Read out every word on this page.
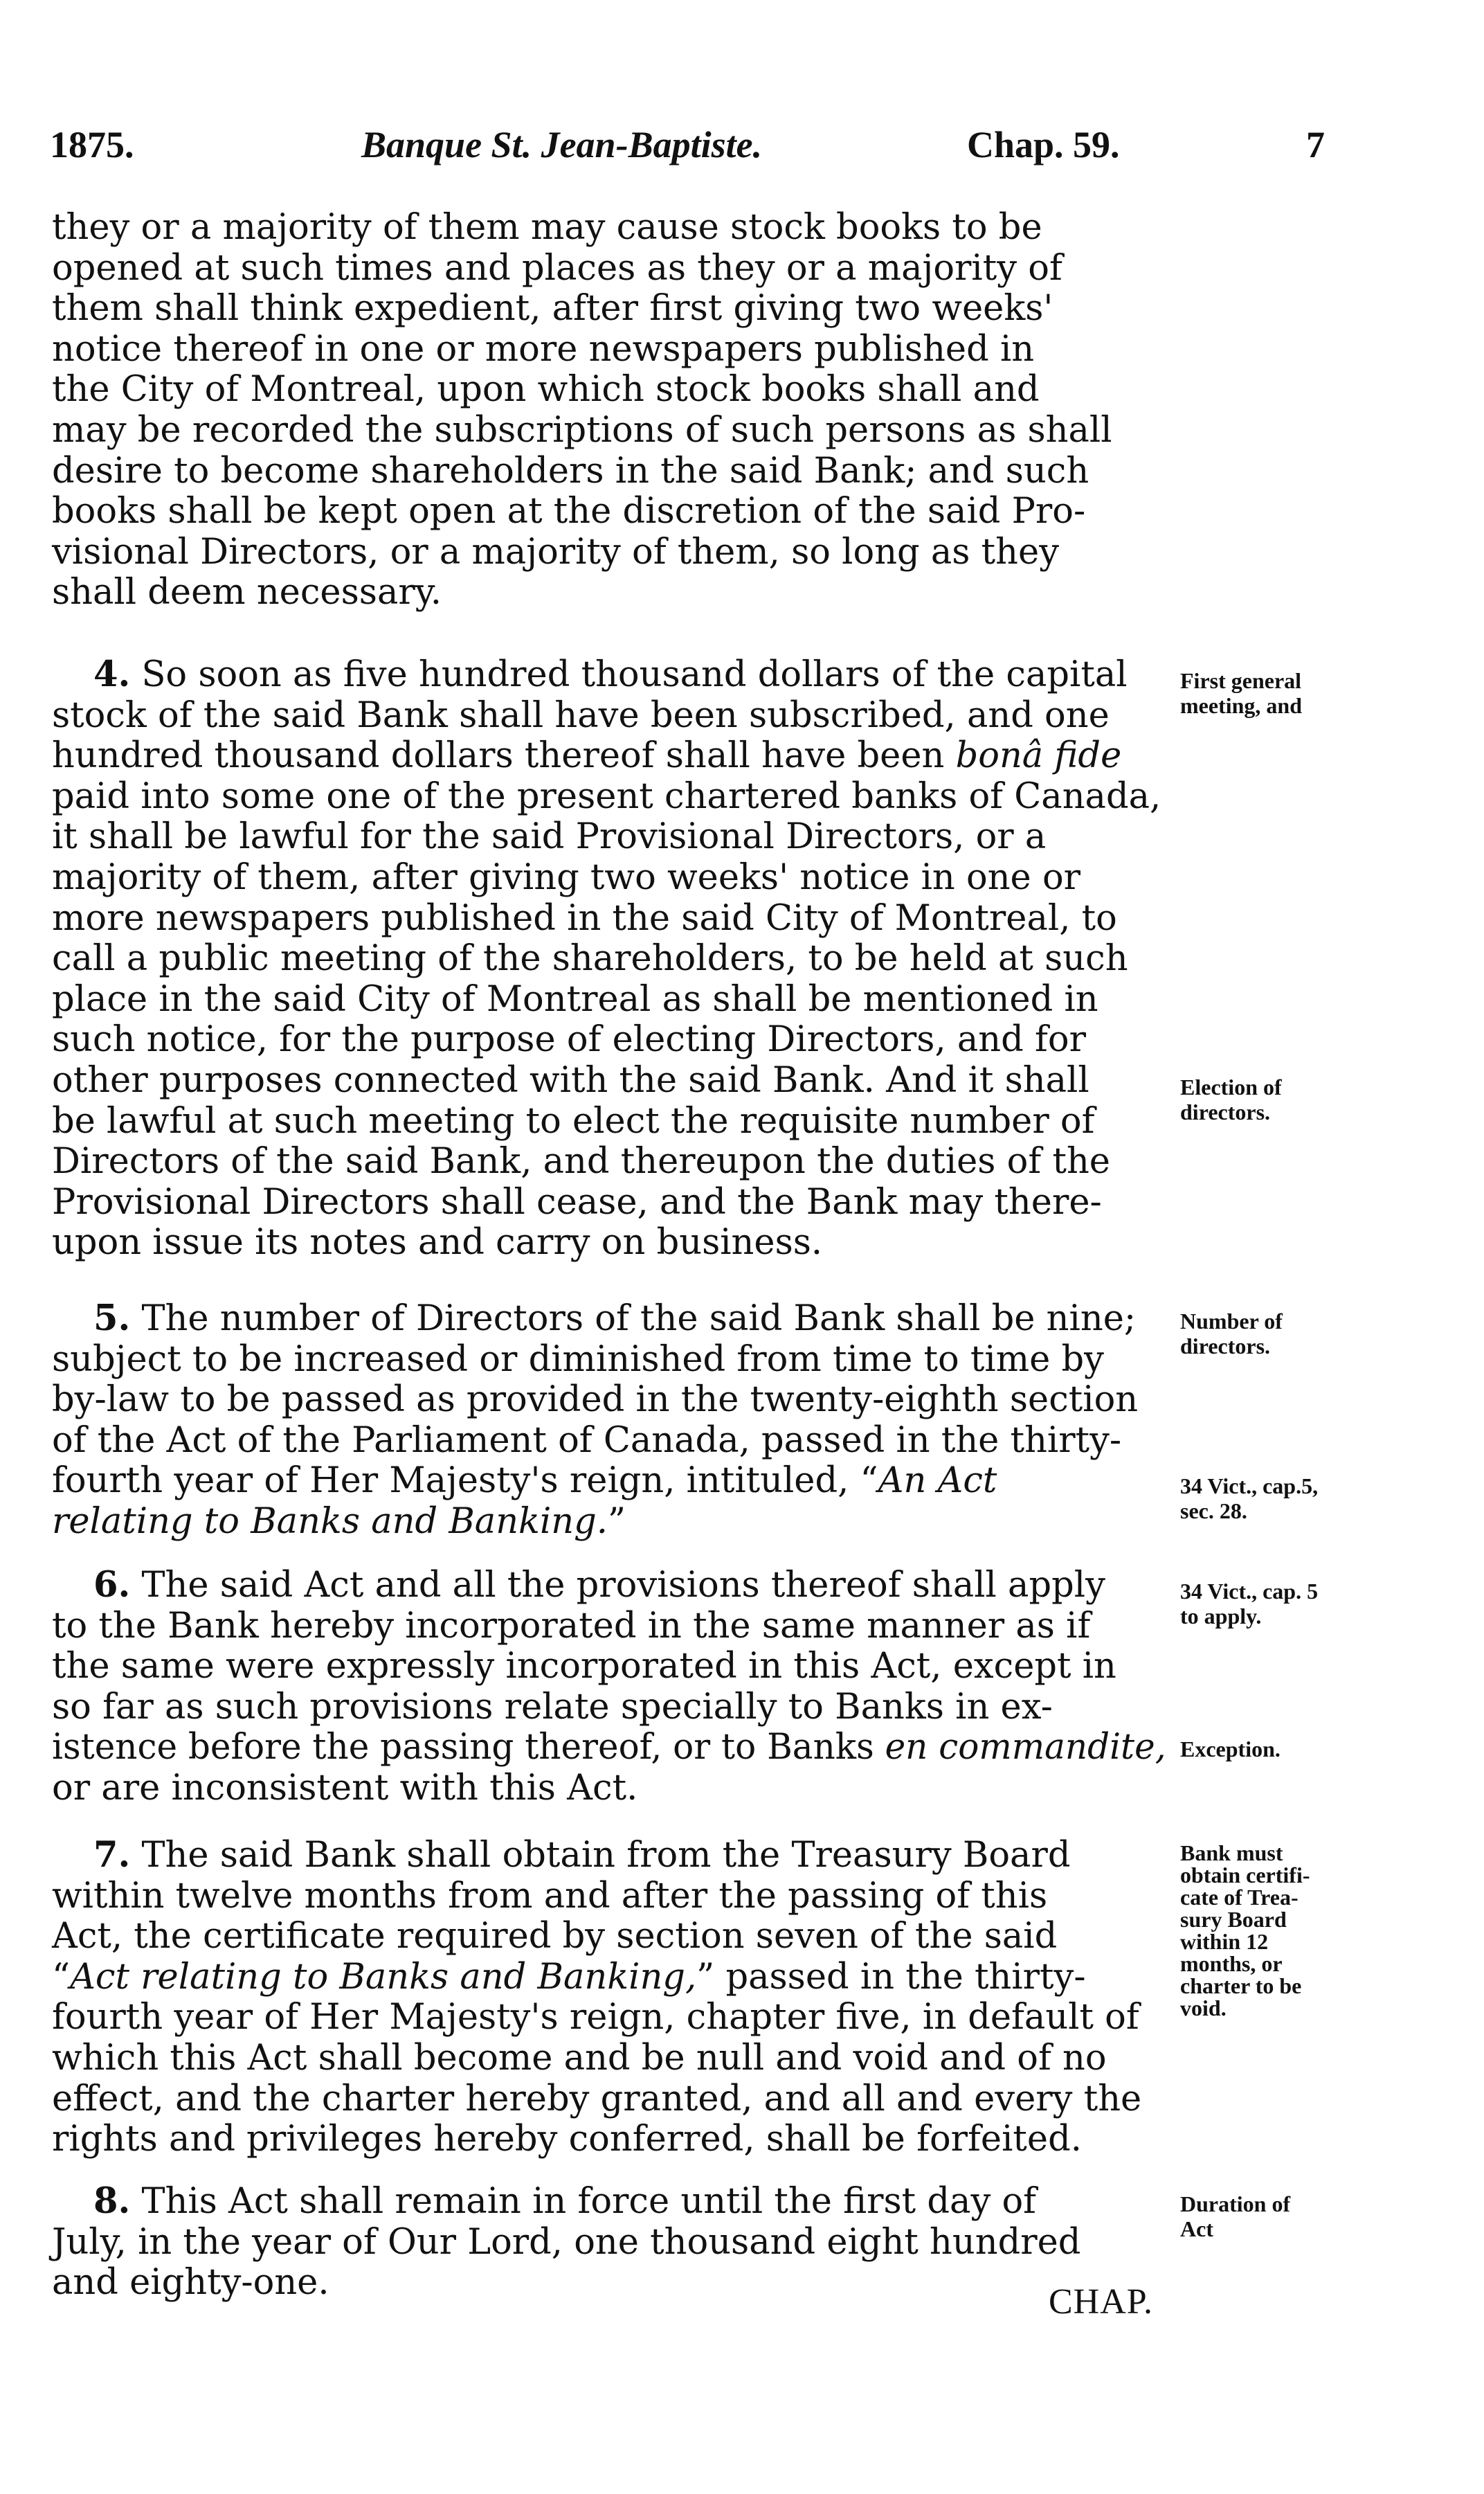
1875.	Banque St. Jean-Baptiste.	Chap. 59.	7
they or a majority of them may cause stock books to be
opened at such times and places as they or a majority of
them shall think expedient, after first giving two weeks'
notice thereof in one or more newspapers published in
the City of Montreal, upon which stock books shall and
may be recorded the subscriptions of such persons as shall
desire to become shareholders in the said Bank; and such
books shall be kept open at the discretion of the said Pro-
visional Directors, or a majority of them, so long as they
shall deem necessary.
4. So soon as five hundred thousand dollars of the capital
stock of the said Bank shall have been subscribed, and one
hundred thousand dollars thereof shall have been bonâ fide
paid into some one of the present chartered banks of Canada,
it shall be lawful for the said Provisional Directors, or a
majority of them, after giving two weeks' notice in one or
more newspapers published in the said City of Montreal, to
call a public meeting of the shareholders, to be held at such
place in the said City of Montreal as shall be mentioned in
such notice, for the purpose of electing Directors, and for
other purposes connected with the said Bank. And it shall
be lawful at such meeting to elect the requisite number of
Directors of the said Bank, and thereupon the duties of the
Provisional Directors shall cease, and the Bank may there-
upon issue its notes and carry on business.
5. The number of Directors of the said Bank shall be nine;
subject to be increased or diminished from time to time by
by-law to be passed as provided in the twenty-eighth section
of the Act of the Parliament of Canada, passed in the thirty-
fourth year of Her Majesty's reign, intituled, “An Act
relating to Banks and Banking.”
6. The said Act and all the provisions thereof shall apply
to the Bank hereby incorporated in the same manner as if
the same were expressly incorporated in this Act, except in
so far as such provisions relate specially to Banks in ex-
istence before the passing thereof, or to Banks en commandite,
or are inconsistent with this Act.
7. The said Bank shall obtain from the Treasury Board
within twelve months from and after the passing of this
Act, the certificate required by section seven of the said
“Act relating to Banks and Banking,” passed in the thirty-
fourth year of Her Majesty's reign, chapter five, in default of
which this Act shall become and be null and void and of no
effect, and the charter hereby granted, and all and every the
rights and privileges hereby conferred, shall be forfeited.
8. This Act shall remain in force until the first day of
July, in the year of Our Lord, one thousand eight hundred
and eighty-one.
First general
meeting, and
Election of
directors.
Number of
directors.
34 Vict., cap.5,
sec. 28.
34 Vict., cap. 5
to apply.
Exception.
Bank must
obtain certifi-
cate of Trea-
sury Board
within 12
months, or
charter to be
void.
Duration of
Act
CHAP.
